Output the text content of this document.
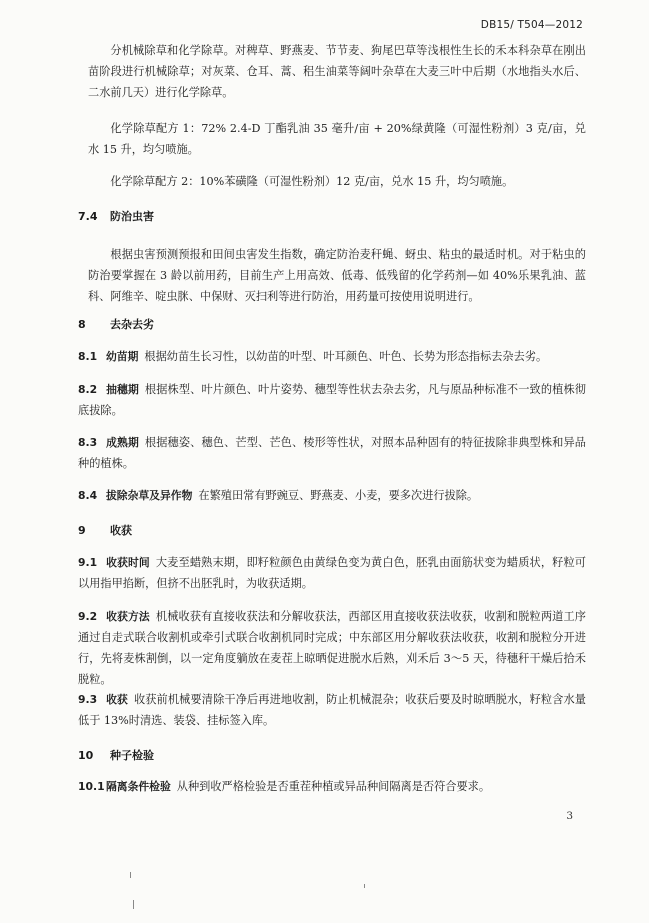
DB15/ T504—2012

分机械除草和化学除草。对稗草、野燕麦、节节麦、狗尾巴草等浅根性生长的禾本科杂草在刚出苗阶段进行机械除草；对灰菜、仓耳、蒿、稆生油菜等阔叶杂草在大麦三叶中后期（水地指头水后、二水前几天）进行化学除草。

化学除草配方 1：72% 2.4-D 丁酯乳油 35 毫升/亩 + 20%绿黄隆（可湿性粉剂）3 克/亩，兑水 15 升，均匀喷施。

化学除草配方 2：10%苯磺隆（可湿性粉剂）12 克/亩，兑水 15 升，均匀喷施。

7.4 防治虫害

根据虫害预测预报和田间虫害发生指数，确定防治麦秆蝇、蚜虫、粘虫的最适时机。对于粘虫的防治要掌握在 3 龄以前用药，目前生产上用高效、低毒、低残留的化学药剂—如 40%乐果乳油、蓝科、阿维辛、啶虫脒、中保财、灭扫利等进行防治，用药量可按使用说明进行。

8 去杂去劣

8.1 幼苗期 根据幼苗生长习性，以幼苗的叶型、叶耳颜色、叶色、长势为形态指标去杂去劣。

8.2 抽穗期 根据株型、叶片颜色、叶片姿势、穗型等性状去杂去劣，凡与原品种标准不一致的植株彻底拔除。

8.3 成熟期 根据穗姿、穗色、芒型、芒色、棱形等性状，对照本品种固有的特征拔除非典型株和异品种的植株。

8.4 拔除杂草及异作物 在繁殖田常有野豌豆、野燕麦、小麦，要多次进行拔除。

9 收获

9.1 收获时间 大麦至蜡熟末期，即籽粒颜色由黄绿色变为黄白色，胚乳由面筋状变为蜡质状，籽粒可以用指甲掐断，但挤不出胚乳时，为收获适期。

9.2 收获方法 机械收获有直接收获法和分解收获法，西部区用直接收获法收获，收割和脱粒两道工序通过自走式联合收割机或牵引式联合收割机同时完成；中东部区用分解收获法收获，收割和脱粒分开进行，先将麦株割倒，以一定角度躺放在麦茬上晾晒促进脱水后熟，刈禾后 3～5 天，待穗秆干燥后拾禾脱粒。

9.3 收获 收获前机械要清除干净后再进地收割，防止机械混杂；收获后要及时晾晒脱水，籽粒含水量低于 13%时清选、装袋、挂标签入库。

10 种子检验

10.1隔离条件检验 从种到收严格检验是否重茬种植或异品种间隔离是否符合要求。

3
